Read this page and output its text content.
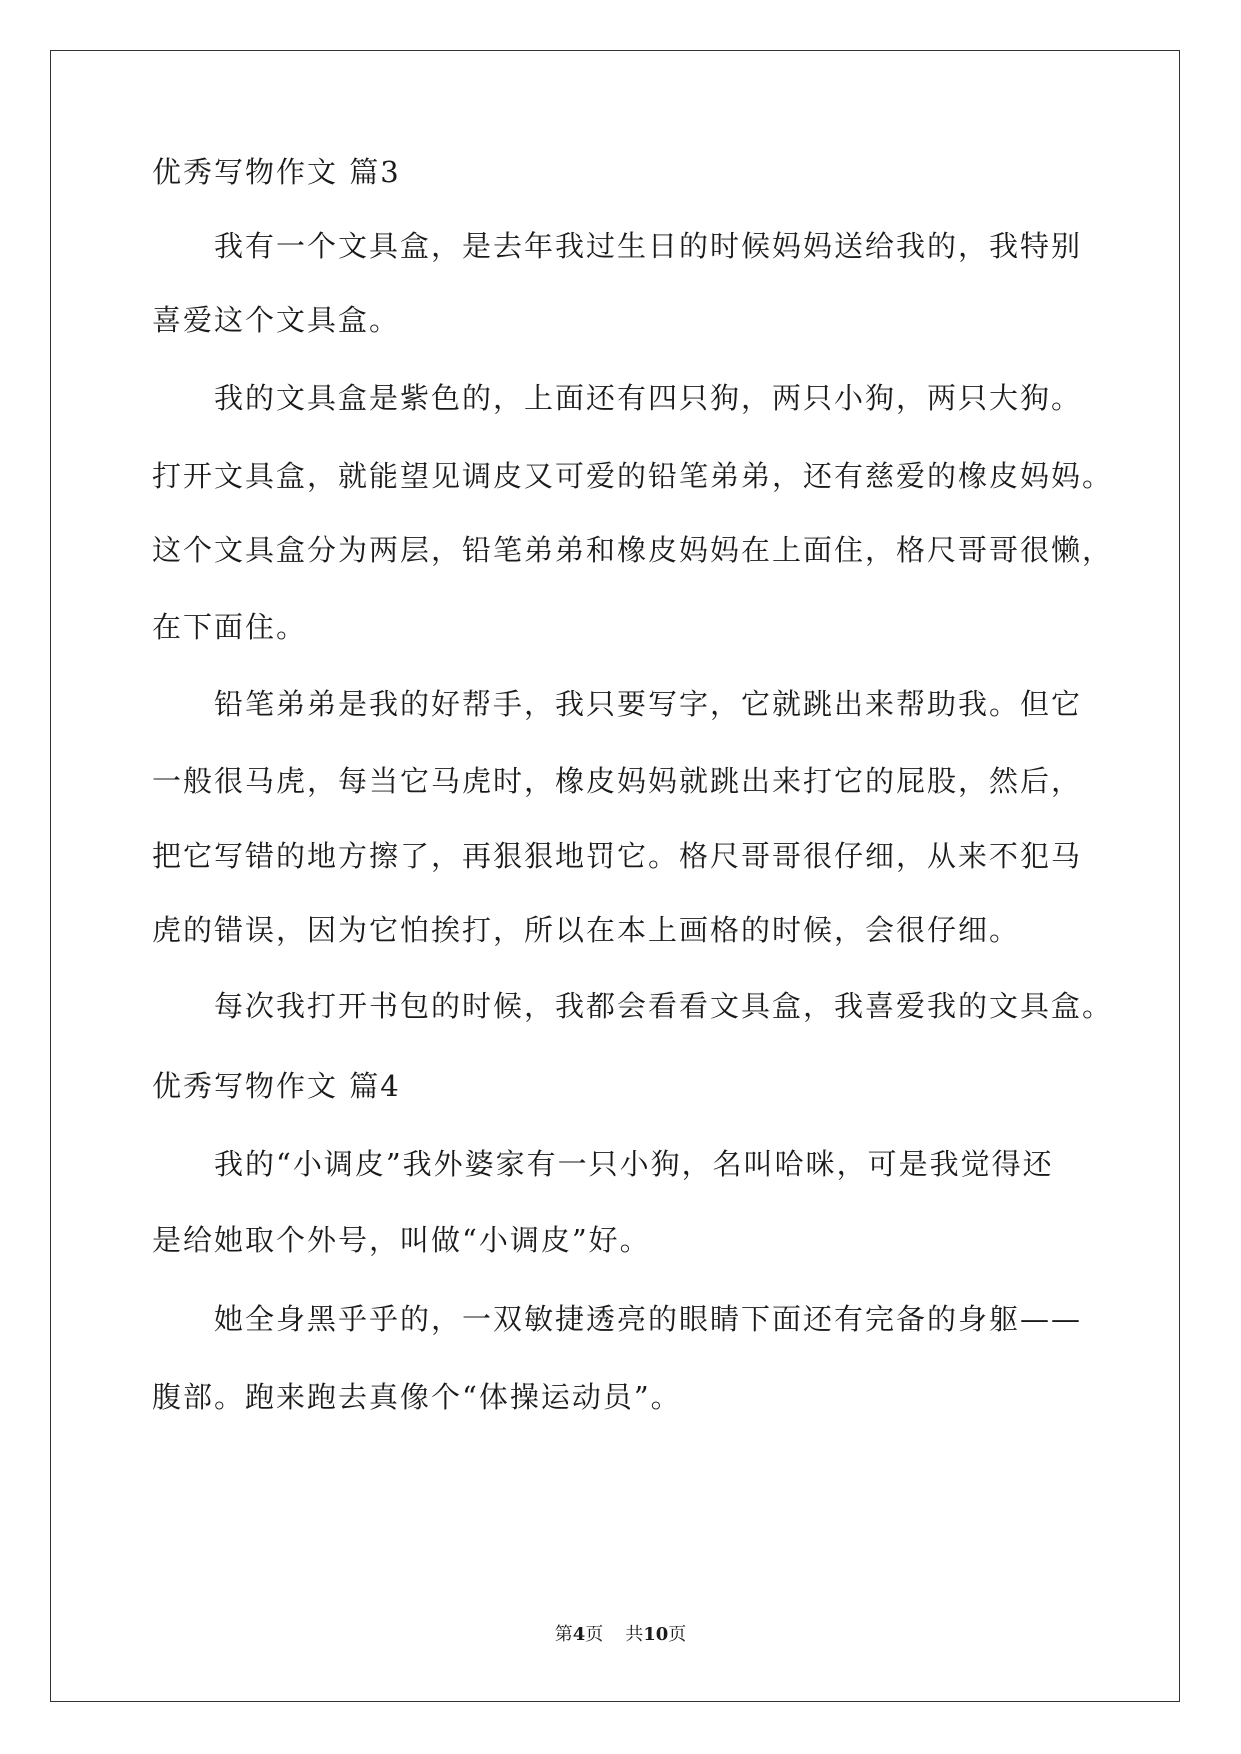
优秀写物作文 篇3

我有一个文具盒，是去年我过生日的时候妈妈送给我的，我特别

喜爱这个文具盒。

我的文具盒是紫色的，上面还有四只狗，两只小狗，两只大狗。

打开文具盒，就能望见调皮又可爱的铅笔弟弟，还有慈爱的橡皮妈妈。

这个文具盒分为两层，铅笔弟弟和橡皮妈妈在上面住，格尺哥哥很懒，

在下面住。

铅笔弟弟是我的好帮手，我只要写字，它就跳出来帮助我。但它

一般很马虎，每当它马虎时，橡皮妈妈就跳出来打它的屁股，然后，

把它写错的地方擦了，再狠狠地罚它。格尺哥哥很仔细，从来不犯马

虎的错误，因为它怕挨打，所以在本上画格的时候，会很仔细。

每次我打开书包的时候，我都会看看文具盒，我喜爱我的文具盒。

优秀写物作文 篇4

我的“小调皮”我外婆家有一只小狗，名叫哈咪，可是我觉得还

是给她取个外号，叫做“小调皮”好。

她全身黑乎乎的，一双敏捷透亮的眼睛下面还有完备的身躯——

腹部。跑来跑去真像个“体操运动员”。

第4页 共10页
